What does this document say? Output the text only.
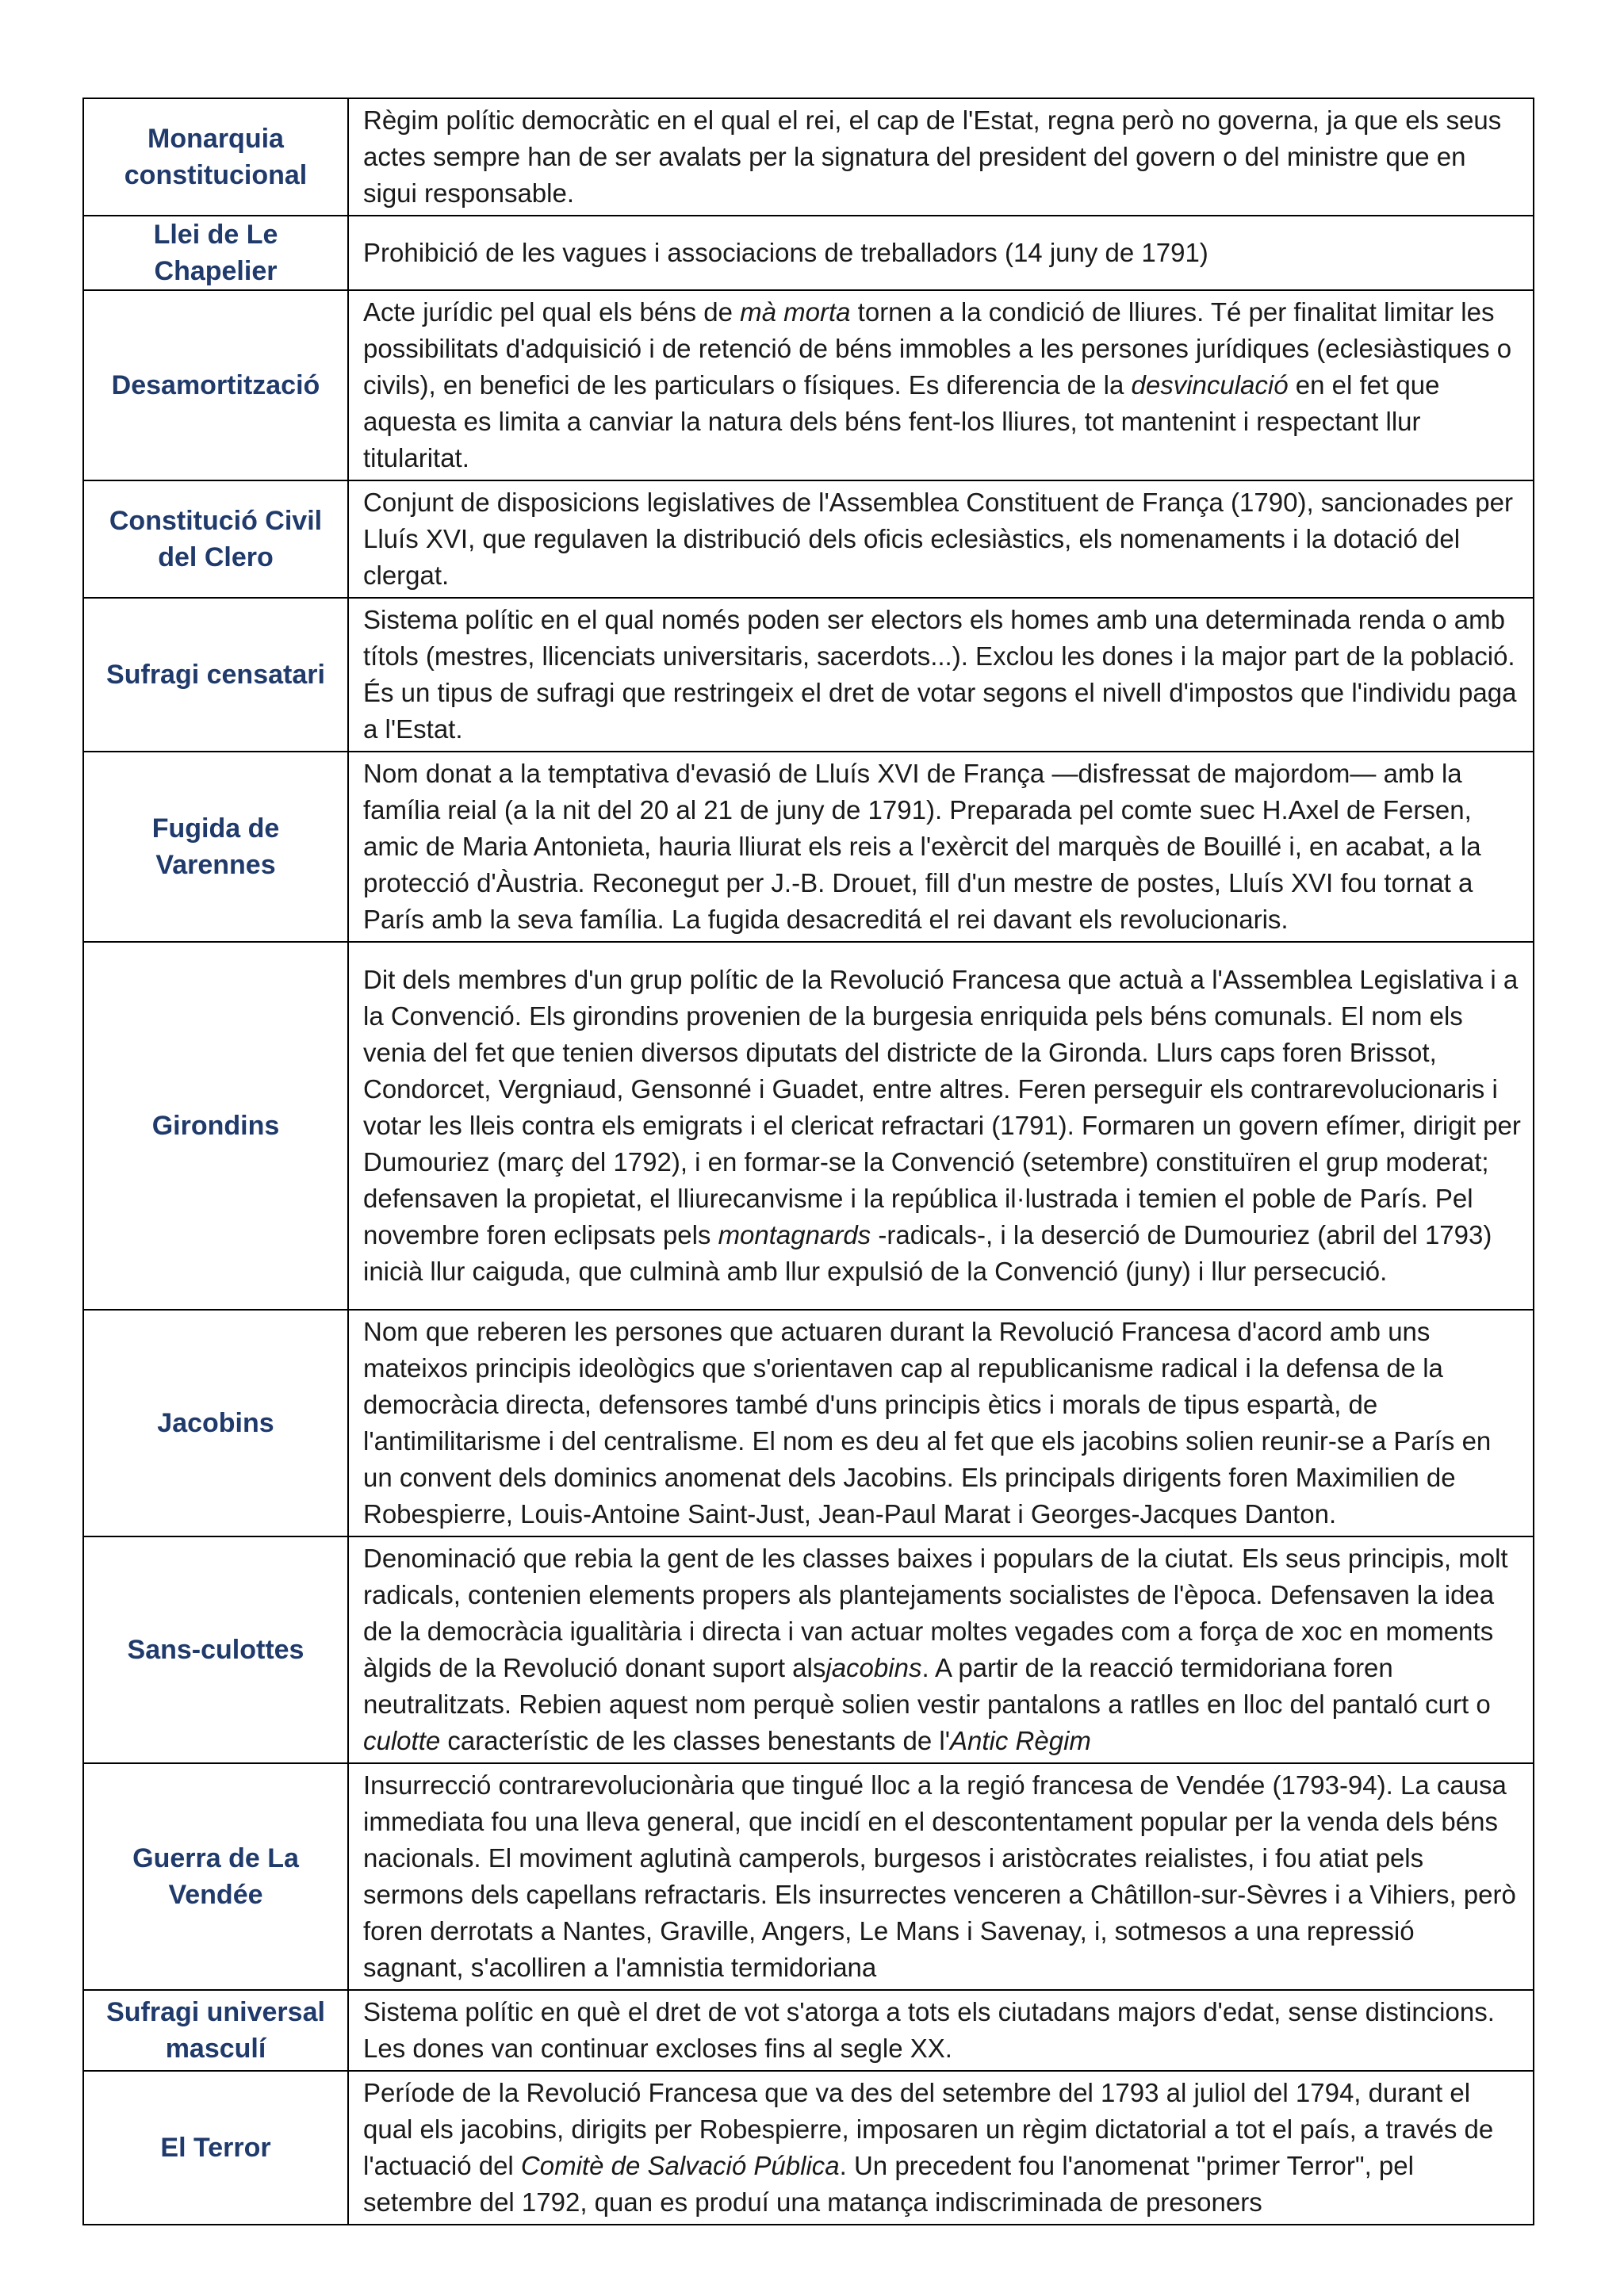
Monarquia constitucional	Règim polític democràtic en el qual el rei, el cap de l'Estat, regna però no governa, ja que els seus actes sempre han de ser avalats per la signatura del president del govern o del ministre que en sigui responsable.
Llei de Le Chapelier	Prohibició de les vagues i associacions de treballadors (14 juny de 1791)
Desamortització	Acte jurídic pel qual els béns de mà morta tornen a la condició de lliures. Té per finalitat limitar les possibilitats d'adquisició i de retenció de béns immobles a les persones jurídiques (eclesiàstiques o civils), en benefici de les particulars o físiques. Es diferencia de la desvinculació en el fet que aquesta es limita a canviar la natura dels béns fent-los lliures, tot mantenint i respectant llur titularitat.
Constitució Civil del Clero	Conjunt de disposicions legislatives de l'Assemblea Constituent de França (1790), sancionades per Lluís XVI, que regulaven la distribució dels oficis eclesiàstics, els nomenaments i la dotació del clergat.
Sufragi censatari	Sistema polític en el qual només poden ser electors els homes amb una determinada renda o amb títols (mestres, llicenciats universitaris, sacerdots...). Exclou les dones i la major part de la població. És un tipus de sufragi que restringeix el dret de votar segons el nivell d'impostos que l'individu paga a l'Estat.
Fugida de Varennes	Nom donat a la temptativa d'evasió de Lluís XVI de França —disfressat de majordom— amb la família reial (a la nit del 20 al 21 de juny de 1791). Preparada pel comte suec H.Axel de Fersen, amic de Maria Antonieta, hauria lliurat els reis a l'exèrcit del marquès de Bouillé i, en acabat, a la protecció d'Àustria. Reconegut per J.-B. Drouet, fill d'un mestre de postes, Lluís XVI fou tornat a París amb la seva família. La fugida desacreditá el rei davant els revolucionaris.
Girondins	Dit dels membres d'un grup polític de la Revolució Francesa que actuà a l'Assemblea Legislativa i a la Convenció. Els girondins provenien de la burgesia enriquida pels béns comunals. El nom els venia del fet que tenien diversos diputats del districte de la Gironda. Llurs caps foren Brissot, Condorcet, Vergniaud, Gensonné i Guadet, entre altres. Feren perseguir els contrarevolucionaris i votar les lleis contra els emigrats i el clericat refractari (1791). Formaren un govern efímer, dirigit per Dumouriez (març del 1792), i en formar-se la Convenció (setembre) constituïren el grup moderat; defensaven la propietat, el lliurecanvisme i la república il·lustrada i temien el poble de París. Pel novembre foren eclipsats pels montagnards -radicals-, i la deserció de Dumouriez (abril del 1793) inicià llur caiguda, que culminà amb llur expulsió de la Convenció (juny) i llur persecució.
Jacobins	Nom que reberen les persones que actuaren durant la Revolució Francesa d'acord amb uns mateixos principis ideològics que s'orientaven cap al republicanisme radical i la defensa de la democràcia directa, defensores també d'uns principis ètics i morals de tipus espartà, de l'antimilitarisme i del centralisme. El nom es deu al fet que els jacobins solien reunir-se a París en un convent dels dominics anomenat dels Jacobins. Els principals dirigents foren Maximilien de Robespierre, Louis-Antoine Saint-Just, Jean-Paul Marat i Georges-Jacques Danton.
Sans-culottes	Denominació que rebia la gent de les classes baixes i populars de la ciutat. Els seus principis, molt radicals, contenien elements propers als plantejaments socialistes de l'època. Defensaven la idea de la democràcia igualitària i directa i van actuar moltes vegades com a força de xoc en moments àlgids de la Revolució donant suport alsjacobins. A partir de la reacció termidoriana foren neutralitzats. Rebien aquest nom perquè solien vestir pantalons a ratlles en lloc del pantaló curt o culotte característic de les classes benestants de l'Antic Règim
Guerra de La Vendée	Insurrecció contrarevolucionària que tingué lloc a la regió francesa de Vendée (1793-94). La causa immediata fou una lleva general, que incidí en el descontentament popular per la venda dels béns nacionals. El moviment aglutinà camperols, burgesos i aristòcrates reialistes, i fou atiat pels sermons dels capellans refractaris. Els insurrectes venceren a Châtillon-sur-Sèvres i a Vihiers, però foren derrotats a Nantes, Graville, Angers, Le Mans i Savenay, i, sotmesos a una repressió sagnant, s'acolliren a l'amnistia termidoriana
Sufragi universal masculí	Sistema polític en què el dret de vot s'atorga a tots els ciutadans majors d'edat, sense distincions. Les dones van continuar excloses fins al segle XX.
El Terror	Període de la Revolució Francesa que va des del setembre del 1793 al juliol del 1794, durant el qual els jacobins, dirigits per Robespierre, imposaren un règim dictatorial a tot el país, a través de l'actuació del Comitè de Salvació Pública. Un precedent fou l'anomenat "primer Terror", pel setembre del 1792, quan es produí una matança indiscriminada de presoners
